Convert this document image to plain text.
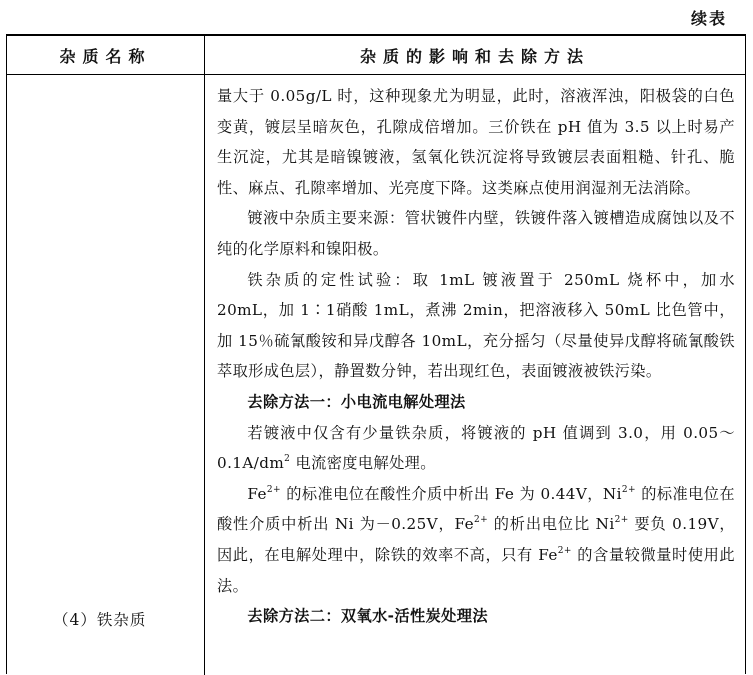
续表
杂质名称	杂质的影响和去除方法
（4）铁杂质

量大于 0.05g/L 时，这种现象尤为明显，此时，溶液浑浊，阳极袋的白色变黄，镀层呈暗灰色，孔隙成倍增加。三价铁在 pH 值为 3.5 以上时易产生沉淀，尤其是暗镍镀液，氢氧化铁沉淀将导致镀层表面粗糙、针孔、脆性、麻点、孔隙率增加、光亮度下降。这类麻点使用润湿剂无法消除。

镀液中杂质主要来源：管状镀件内壁，铁镀件落入镀槽造成腐蚀以及不纯的化学原料和镍阳极。

铁杂质的定性试验：取 1mL 镀液置于 250mL 烧杯中，加水 20mL，加 1∶1硝酸 1mL，煮沸 2min，把溶液移入 50mL 比色管中，加 15％硫氰酸铵和异戊醇各 10mL，充分摇匀（尽量使异戊醇将硫氰酸铁萃取形成色层），静置数分钟，若出现红色，表面镀液被铁污染。

去除方法一：小电流电解处理法

若镀液中仅含有少量铁杂质，将镀液的 pH 值调到 3.0，用 $0.05\sim 0.1A/dm^2$ 电流密度电解处理。

$Fe^{2+}$ 的标准电位在酸性介质中析出 Fe 为 0.44V，$Ni^{2+}$ 的标准电位在酸性介质中析出 Ni 为－0.25V，$Fe^{2+}$ 的析出电位比 $Ni^{2+}$ 要负 0.19V，因此，在电解处理中，除铁的效率不高，只有 $Fe^{2+}$ 的含量较微量时使用此法。

去除方法二：双氧水-活性炭处理法
